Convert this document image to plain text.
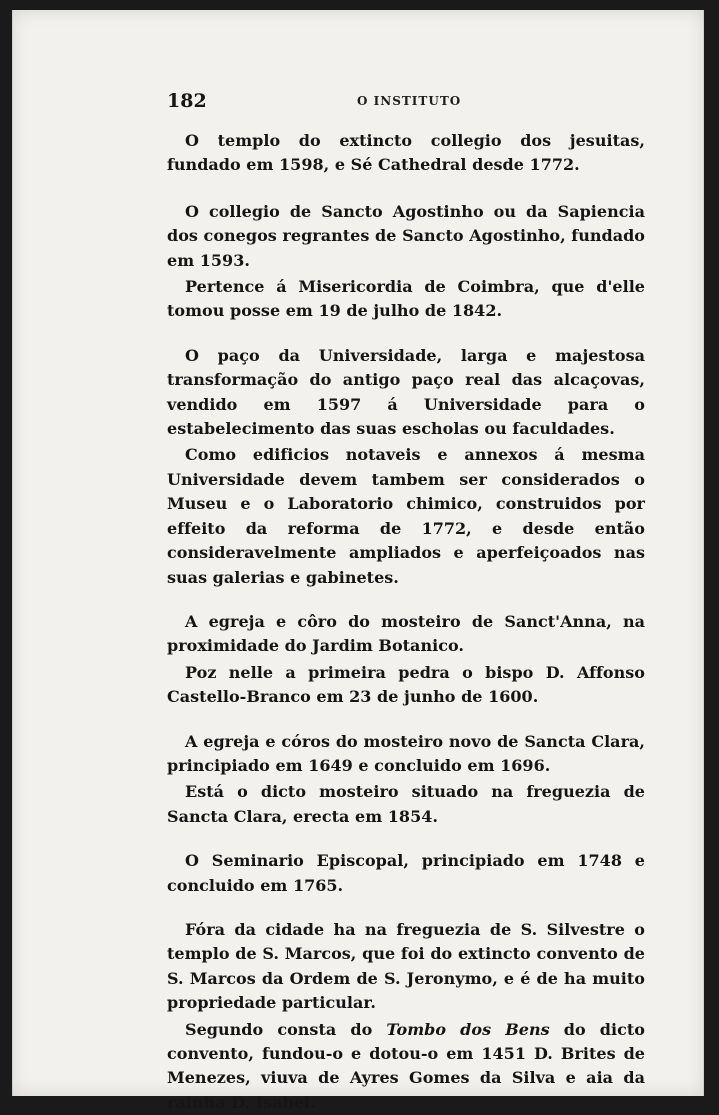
182	O INSTITUTO

O templo do extincto collegio dos jesuitas, fundado em 1598, e Sé Cathedral desde 1772.

O collegio de Sancto Agostinho ou da Sapiencia dos conegos regrantes de Sancto Agostinho, fundado em 1593.

Pertence á Misericordia de Coimbra, que d'elle tomou posse em 19 de julho de 1842.

O paço da Universidade, larga e majestosa transformação do antigo paço real das alcaçovas, vendido em 1597 á Universidade para o estabelecimento das suas escholas ou faculdades.

Como edificios notaveis e annexos á mesma Universidade devem tambem ser considerados o Museu e o Laboratorio chimico, construidos por effeito da reforma de 1772, e desde então consideravelmente ampliados e aperfeiçoados nas suas galerias e gabinetes.

A egreja e côro do mosteiro de Sanct'Anna, na proximidade do Jardim Botanico.

Poz nelle a primeira pedra o bispo D. Affonso Castello-Branco em 23 de junho de 1600.

A egreja e córos do mosteiro novo de Sancta Clara, principiado em 1649 e concluido em 1696.

Está o dicto mosteiro situado na freguezia de Sancta Clara, erecta em 1854.

O Seminario Episcopal, principiado em 1748 e concluido em 1765.

Fóra da cidade ha na freguezia de S. Silvestre o templo de S. Marcos, que foi do extincto convento de S. Marcos da Ordem de S. Jeronymo, e é de ha muito propriedade particular.

Segundo consta do Tombo dos Bens do dicto convento, fundou-o e dotou-o em 1451 D. Brites de Menezes, viuva de Ayres Gomes da Silva e aia da rainha D. Isabel.
